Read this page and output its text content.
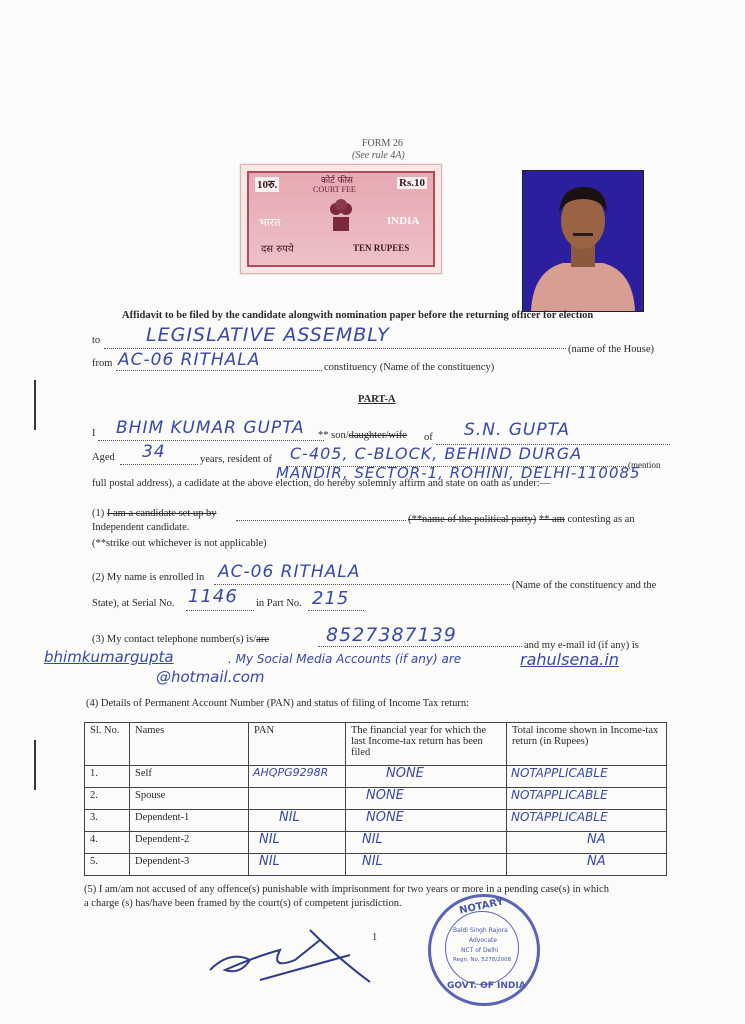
FORM 26
(See rule 4A)
10रु.	कोर्ट फीस
COURT FEE
Rs.10
भारत	INDIA
दस रुपये	TEN RUPEES
Affidavit to be filed by the candidate alongwith nomination paper before the returning officer for election
to LEGISLATIVE ASSEMBLY
(name of the House)
from AC-06 RITHALA	constituency (Name of the constituency)
PART-A
I BHIM KUMAR GUPTA ** son/daughter/wife of S.N. GUPTA
Aged 34	years, resident of C-405, C-BLOCK, BEHIND DURGA
(mention
MANDIR, SECTOR-1, ROHINI, DELHI-110085
full postal address), a cadidate at the above election, do hereby solemnly affirm and state on oath as under:—
(1) I am a candidate set up by
(**name of the political party) ** am contesting as an
Independent candidate.
(**strike out whichever is not applicable)
(2) My name is enrolled in AC-06 RITHALA
(Name of the constituency and the
State), at Serial No. 1146 in Part No. 215
(3) My contact telephone number(s) is/are	8527387139	and my e-mail id (if any) is
bhimkumargupta	. My Social Media Accounts (if any) are	rahulsena.in
@hotmail.com
(4) Details of Permanent Account Number (PAN) and status of filing of Income Tax return:
Sl. No.	Names	PAN	The financial year for which the last Income-tax return has been filed	Total income shown in Income-tax return (in Rupees)
1.	Self	AHQPG9298R	NONE	NOTAPPLICABLE
2.	Spouse		NONE	NOTAPPLICABLE
3.	Dependent-1	NIL	NONE	NOTAPPLICABLE
4.	Dependent-2	NIL	NIL	NA
5.	Dependent-3	NIL	NIL	NA
(5) I am/am not accused of any offence(s) punishable with imprisonment for two years or more in a pending case(s) in which
a charge (s) has/have been framed by the court(s) of competent jurisdiction.
1
NOTARY
Baldi Singh Rajora
Advocate
NCT of Delhi
Regn. No. 5278/2008
GOVT. OF INDIA
